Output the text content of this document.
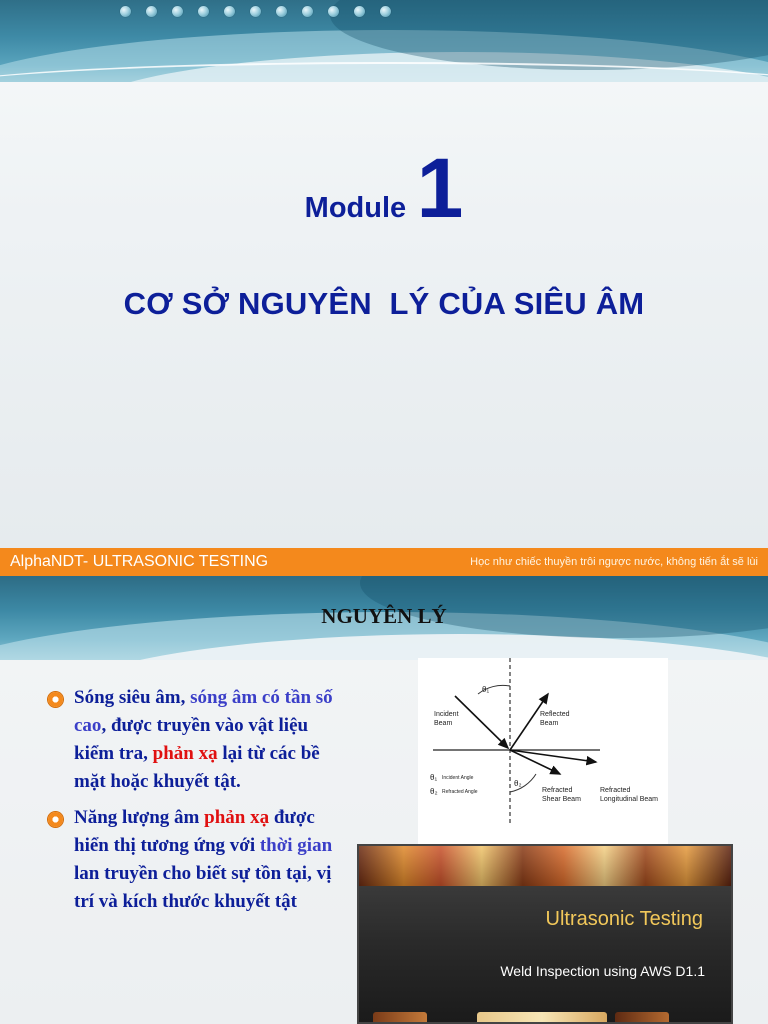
Module 1
CƠ SỞ NGUYÊN  LÝ CỦA SIÊU ÂM
AlphaNDT- ULTRASONIC TESTING	Học như chiếc thuyền trôi ngược nước, không tiến ắt sẽ lùi
NGUYÊN LÝ
Sóng siêu âm, sóng âm có tần số cao, được truyền vào vật liệu kiểm tra, phản xạ lại từ các bề mặt hoặc khuyết tật.
Năng lượng âm phản xạ được hiển thị tương ứng với thời gian lan truyền cho biết sự tồn tại, vị trí và kích thước khuyết tật
θ₁
θ₂
Incident
Beam
Reflected
Beam
θ₁ Incident Angle
θ₂ Refracted Angle	Refracted
Shear Beam
Refracted
Longitudinal Beam
Ultrasonic Testing
Weld Inspection using AWS D1.1
